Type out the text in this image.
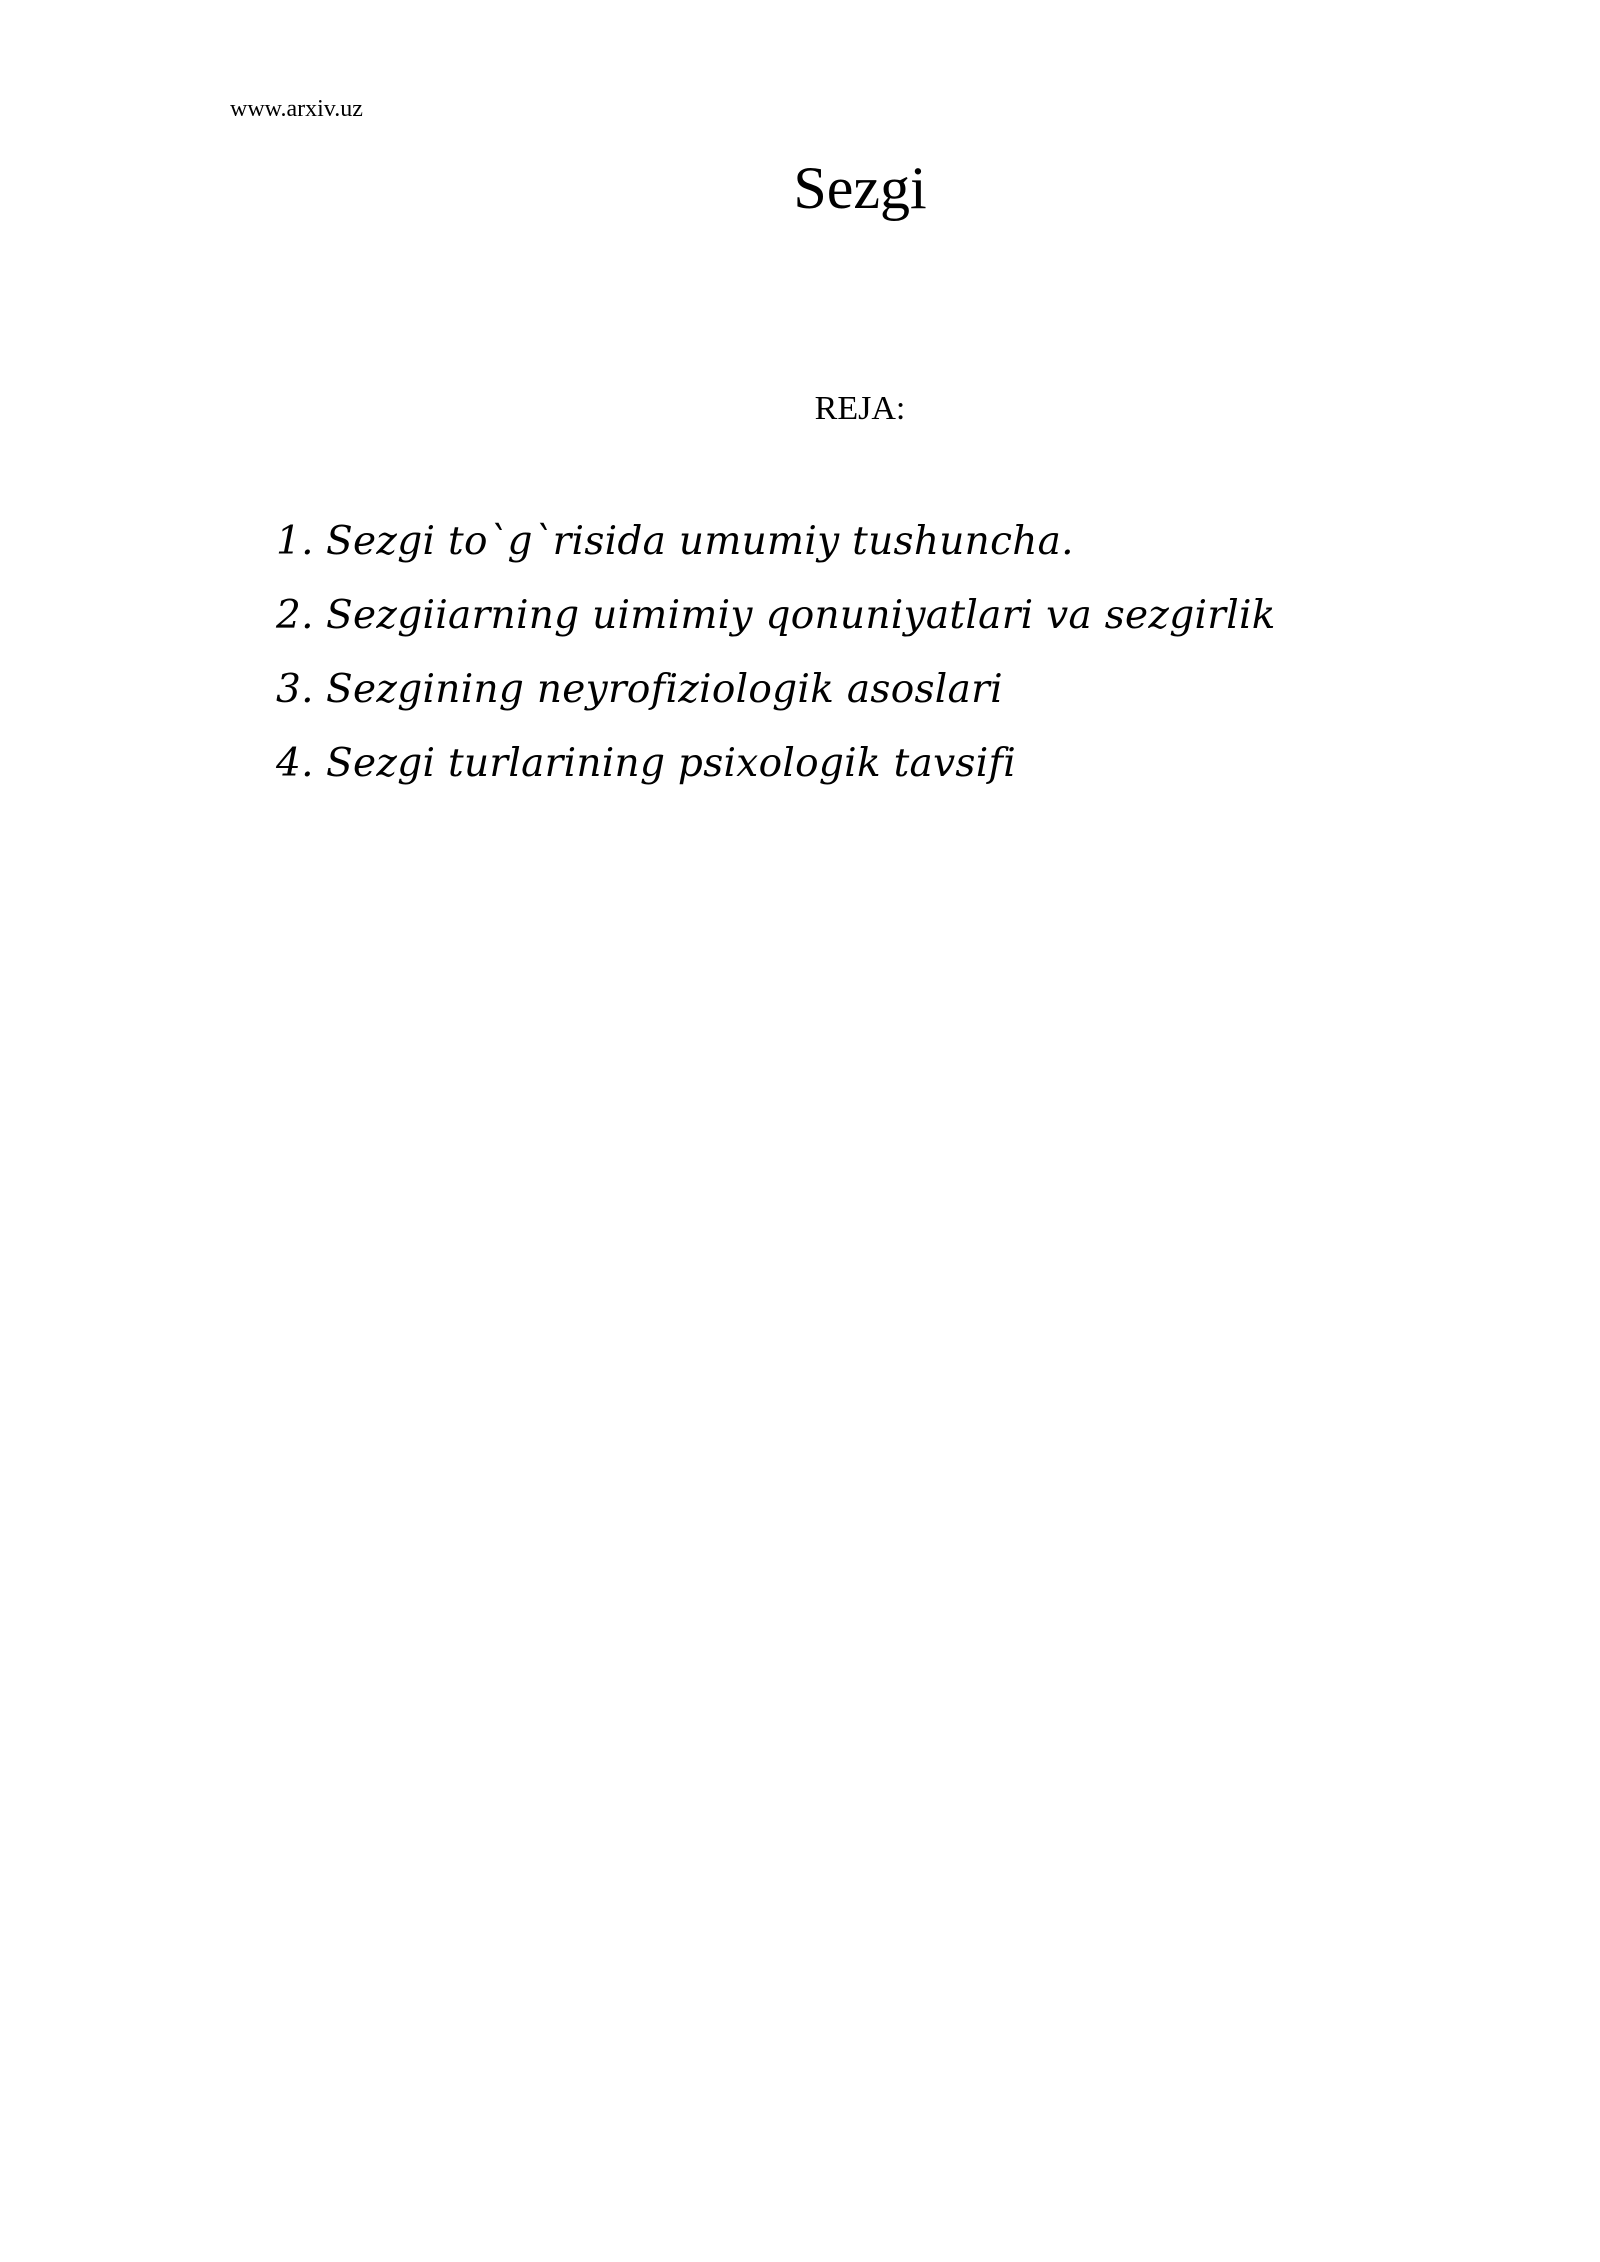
www.arxiv.uz
Sezgi
REJA:
1. Sezgi to`g`risida umumiy tushuncha.
2. Sezgiiarning uimimiy qonuniyatlari va sezgirlik
3. Sezgining neyrofiziologik asoslari
4. Sezgi turlarining psixologik tavsifi
